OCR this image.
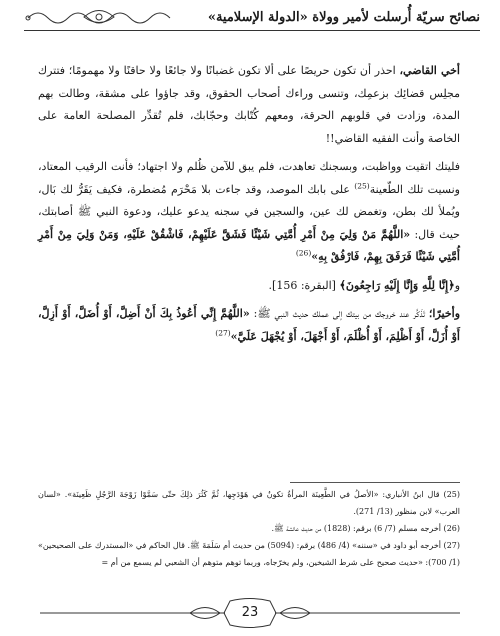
نصائح سريّة أُرسلت لأمير وولاة «الدولة الإسلامية»

أخي القاضي، احذر أن تكون حريصًا على ألا تكون غضبانًا ولا جائعًا ولا حاقنًا ولا مهمومًا؛ فتترك مجلِس قضائِك بزعمِك، وتنسى وراءك أصحاب الحقوق، وقد جاؤوا على مشقة، وطالت بهم المدة، وزادت في قلوبهم الحرقة، ومعهم كُتّابك وحجّابك، فلم تُقدِّر المصلحة العامة على الخاصة وأنت الفقيه القاضي!!

فليتك اتقيت وواظبت، وبسجنك تعاهدت، فلم يبق للآمن ظُلم ولا اجتهاد؛ فأنت الرقيب المعتاد، ونسيت تلك الطّعينة$^{(25)}$ على بابك الموصد، وقد جاءت بلا مَحْرَم مُضطرة، فكيف يَقَرُّ لك بَال، ويُملأ لك بطن، وتغمض لك عين، والسجين في سجنه يدعو عليك، ودعوة النبي ﷺ أصابتك، حيث قال: «اللَّهُمَّ مَنْ وَلِيَ مِنْ أَمْرِ أُمَّتِي شَيْئًا فَشَقَّ عَلَيْهِمْ، فَاشْقُقْ عَلَيْهِ، وَمَنْ وَلِيَ مِنْ أَمْرِ أُمَّتِي شَيْئًا فَرَفَقَ بِهِمْ، فَارْفُقْ بِهِ»$^{(26)}$

و﴿إِنَّا لِلَّهِ وَإِنَّا إِلَيْهِ رَاجِعُونَ﴾ [البقرة: 156].

وأخيرًا؛ تَذَكَّر عند خروجك من بيتك إلى عملك حديث النبي ﷺ: «اللَّهُمَّ إِنِّي أَعُوذُ بِكَ أَنْ أَضِلَّ، أَوْ أُضَلَّ، أَوْ أَزِلَّ، أَوْ أُزَلَّ، أَوْ أَظْلِمَ، أَوْ أُظْلَمَ، أَوْ أَجْهَلَ، أَوْ يُجْهَلَ عَلَيَّ»$^{(27)}$

(25) قال ابنُ الأنباري: «الأصلُ في الطَّعِينَة المرأةُ تكونُ في هَوْدَجِها، ثُمَّ كَثُرَ ذلِكَ حتّى سَمَّوْا زَوْجَةَ الرَّجُلِ ظَعِينَة». «لسان العرب» لابن منظور (13/ 271).

(26) أخرجه مسلم (7/ 6) برقم: (1828) من حديث عائشة ﷺ.

(27) أخرجه أبو داود في «سننه» (4/ 486) برقم: (5094) من حديث أم سَلَمَةَ ﷺ. قال الحاكم في «المستدرك على الصحيحين» (1/ 700): «حديث صحيح على شرط الشيخين، ولم يخرّجاه، وربما توهم متوهم أن الشعبي لم يسمع من أم =

23
